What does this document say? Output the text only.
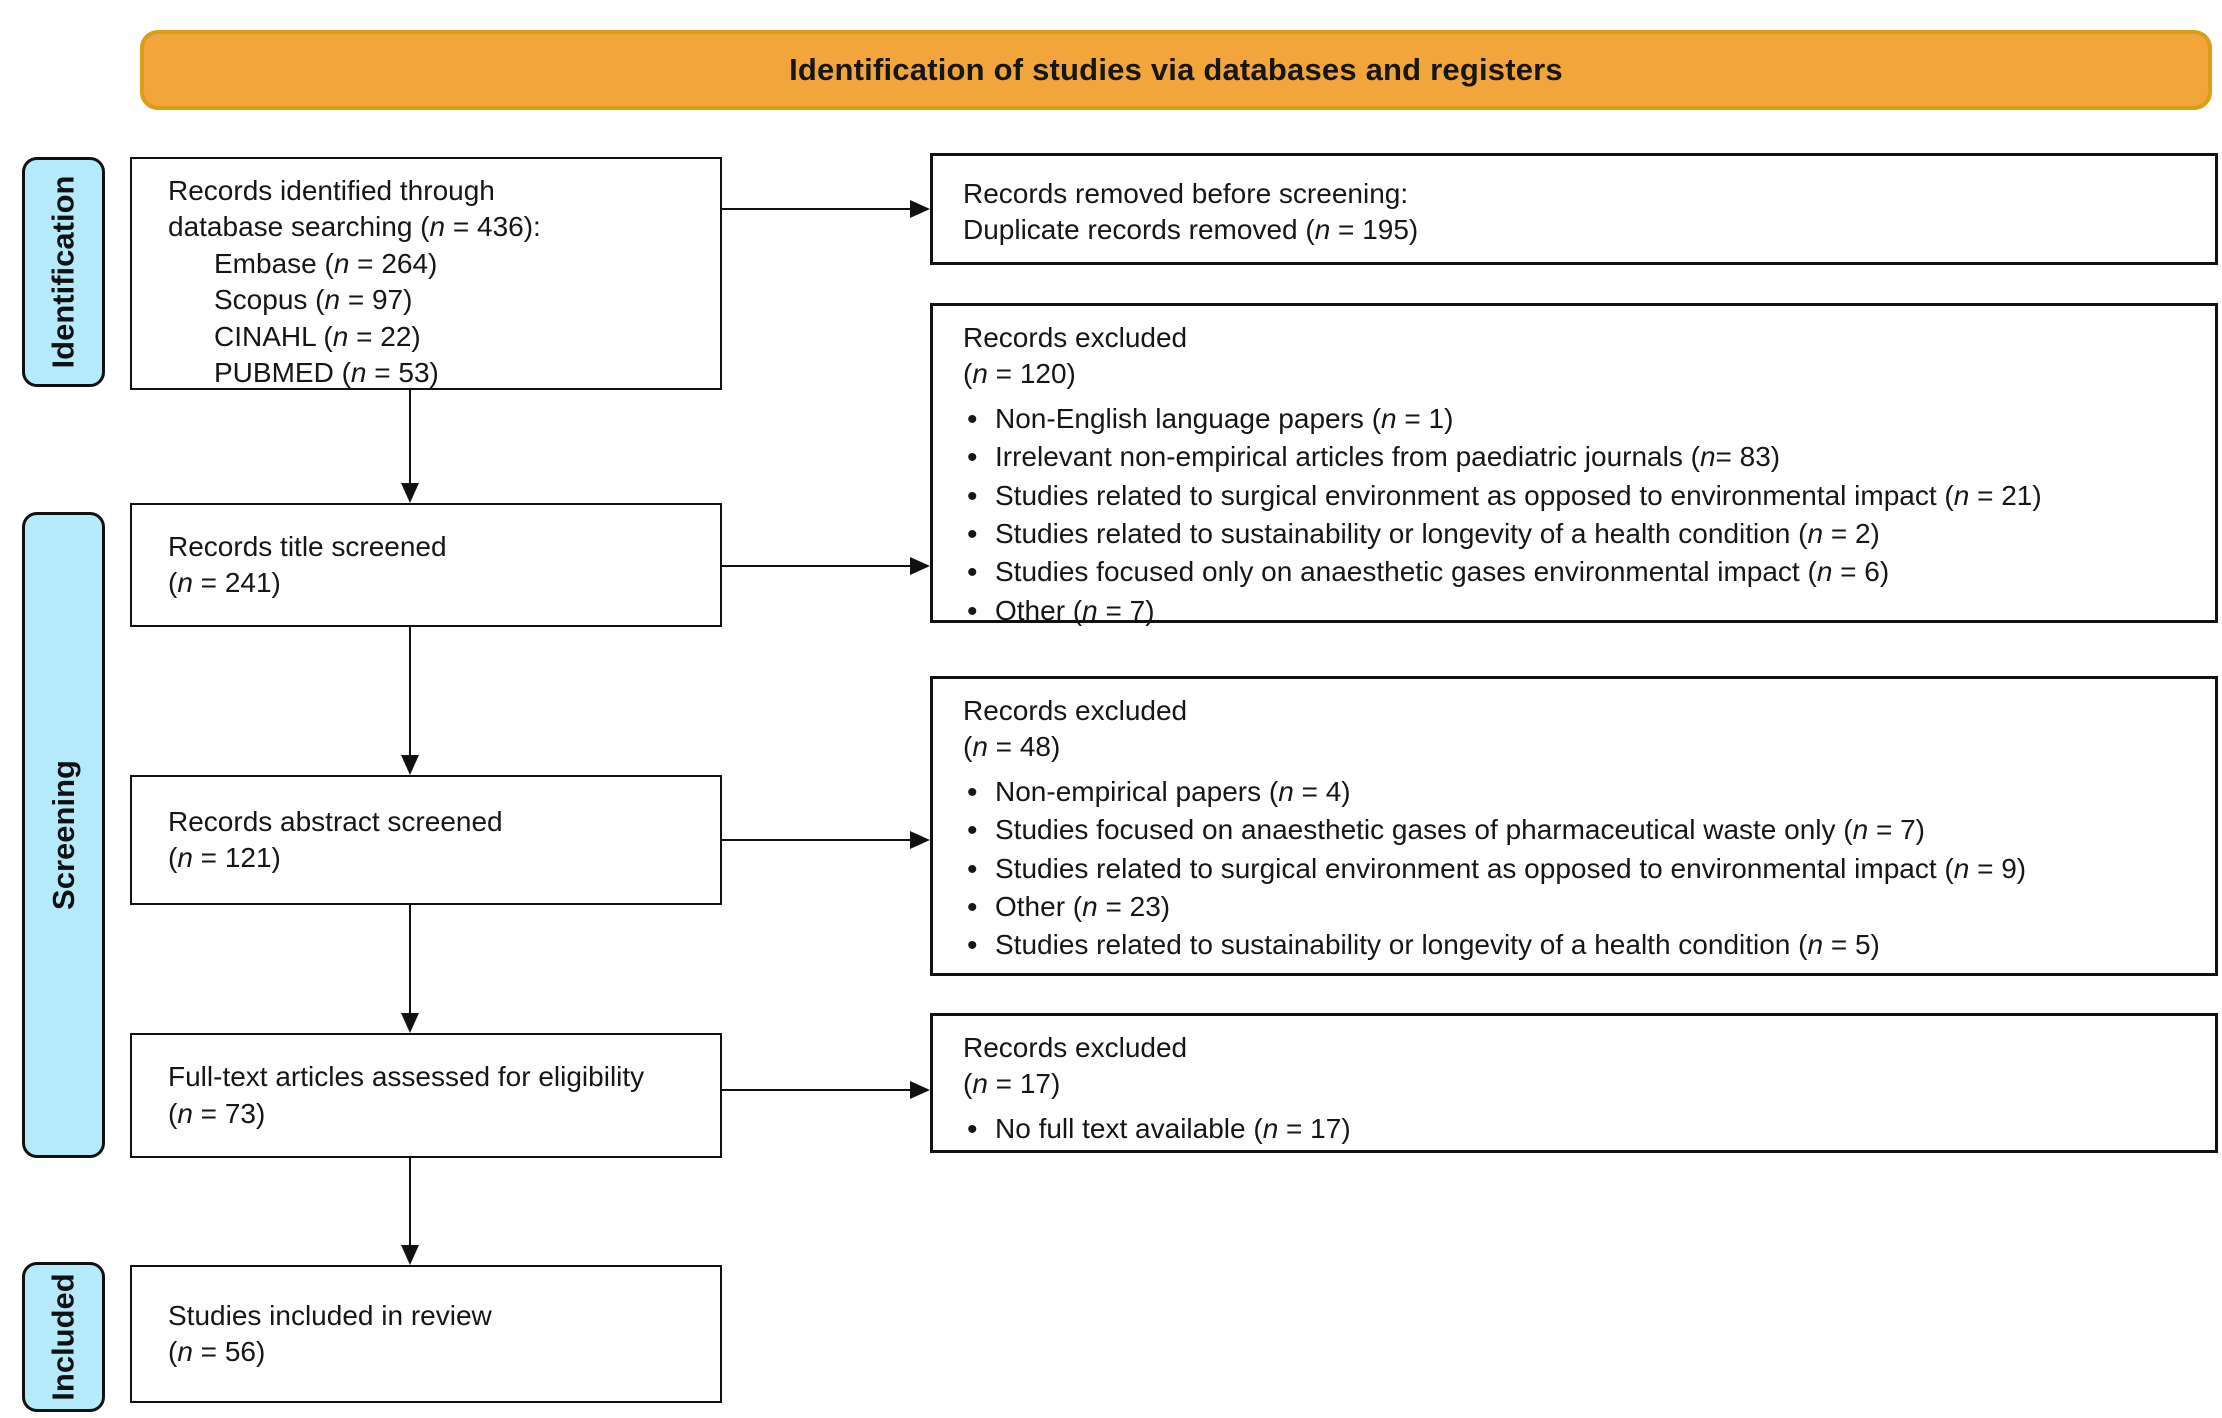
Identification of studies via databases and registers
Identification
Screening
Included
Records identified through
database searching (n = 436):
Embase (n = 264)
Scopus (n = 97)
CINAHL (n = 22)
PUBMED (n = 53)
Records title screened
(n = 241)
Records abstract screened
(n = 121)
Full-text articles assessed for eligibility
(n = 73)
Studies included in review
(n = 56)
Records removed before screening:
Duplicate records removed (n = 195)
Records excluded
(n = 120)
• Non-English language papers (n = 1)
• Irrelevant non-empirical articles from paediatric journals (n= 83)
• Studies related to surgical environment as opposed to environmental impact (n = 21)
• Studies related to sustainability or longevity of a health condition (n = 2)
• Studies focused only on anaesthetic gases environmental impact (n = 6)
• Other (n = 7)
Records excluded
(n = 48)
• Non-empirical papers (n = 4)
• Studies focused on anaesthetic gases of pharmaceutical waste only (n = 7)
• Studies related to surgical environment as opposed to environmental impact (n = 9)
• Other (n = 23)
• Studies related to sustainability or longevity of a health condition (n = 5)
Records excluded
(n = 17)
• No full text available (n = 17)
